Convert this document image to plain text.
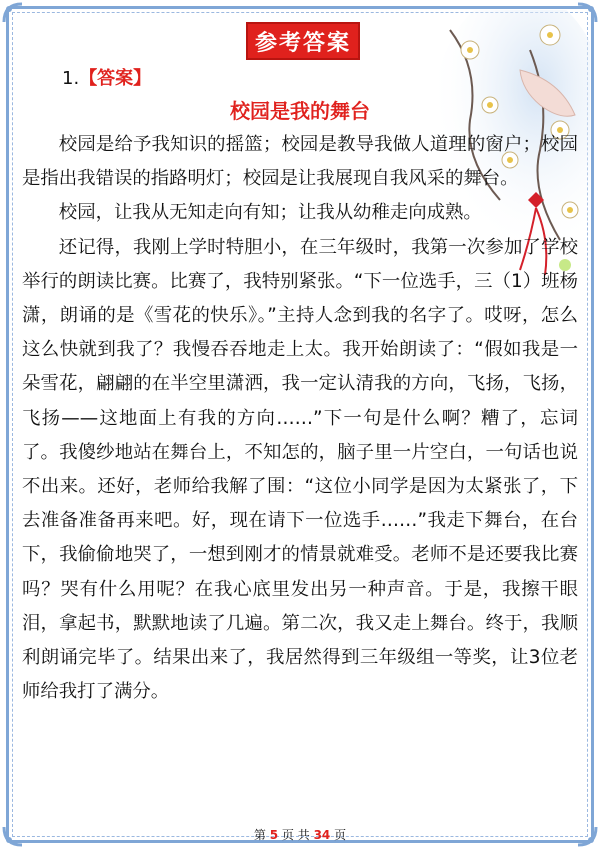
参考答案
1.【答案】
校园是我的舞台

校园是给予我知识的摇篮；校园是教导我做人道理的窗户；校园是指出我错误的指路明灯；校园是让我展现自我风采的舞台。

校园，让我从无知走向有知；让我从幼稚走向成熟。

还记得，我刚上学时特胆小，在三年级时，我第一次参加了学校举行的朗读比赛。比赛了，我特别紧张。“下一位选手，三（1）班杨潇，朗诵的是《雪花的快乐》。”主持人念到我的名字了。哎呀，怎么这么快就到我了？我慢吞吞地走上太。我开始朗读了：“假如我是一朵雪花，翩翩的在半空里潇洒，我一定认清我的方向，飞扬，飞扬，飞扬——这地面上有我的方向……”下一句是什么啊？糟了，忘词了。我傻纱地站在舞台上，不知怎的，脑子里一片空白，一句话也说不出来。还好，老师给我解了围：“这位小同学是因为太紧张了，下去准备准备再来吧。好，现在请下一位选手……”我走下舞台，在台下，我偷偷地哭了，一想到刚才的情景就难受。老师不是还要我比赛吗？哭有什么用呢？在我心底里发出另一种声音。于是，我擦干眼泪，拿起书，默默地读了几遍。第二次，我又走上舞台。终于，我顺利朗诵完毕了。结果出来了，我居然得到三年级组一等奖，让3位老师给我打了满分。

第 5 页 共 34 页
